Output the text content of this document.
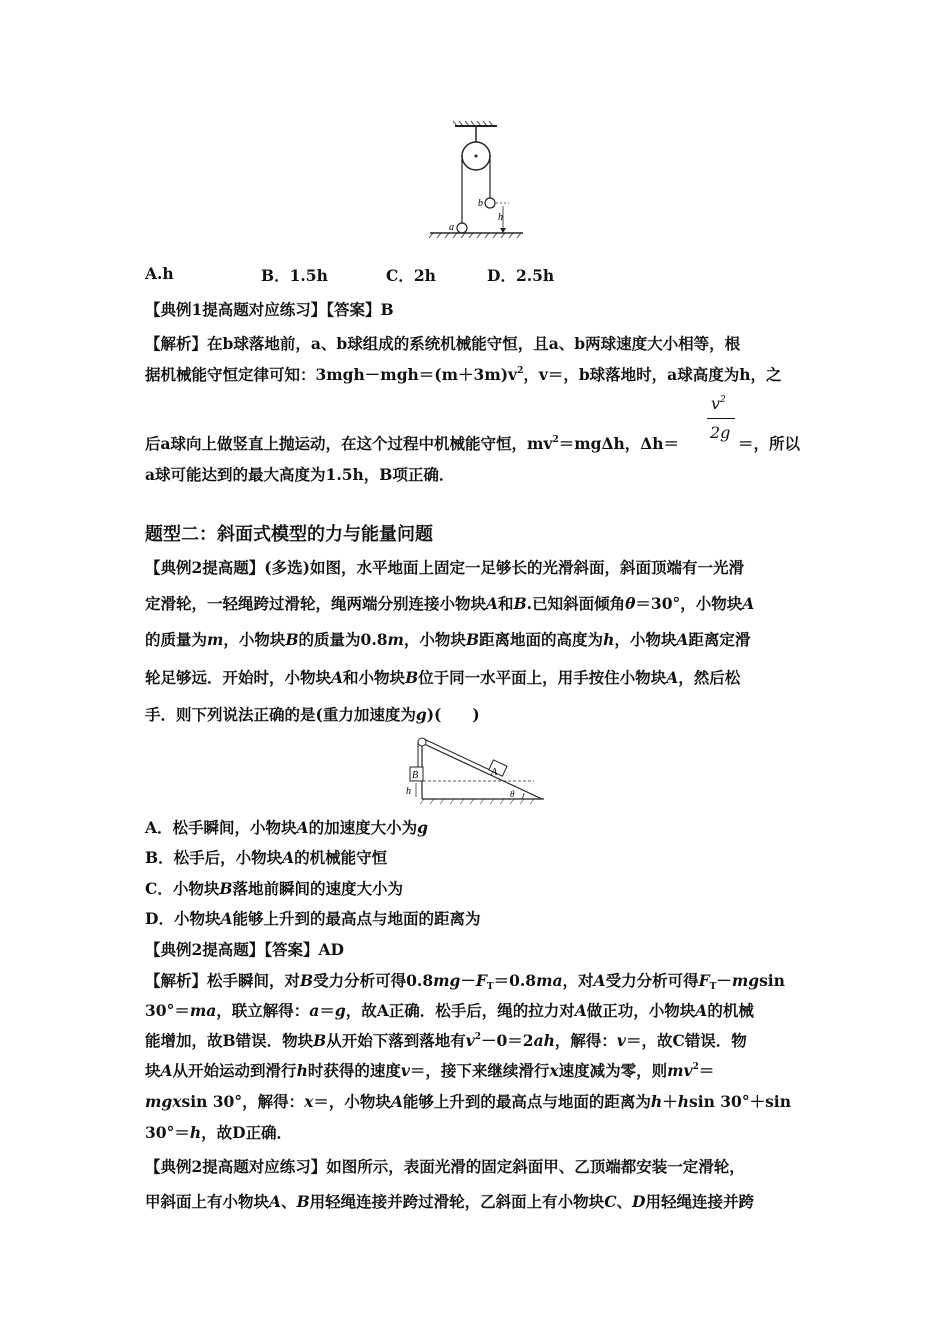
a
b
h
A.h	B．1.5h	C．2h	D．2.5h
【典例1提高题对应练习】【答案】B
【解析】在b球落地前，a、b球组成的系统机械能守恒，且a、b两球速度大小相等，根
据机械能守恒定律可知：$3mgh-mgh=(m+3m)v^2$，v＝，b球落地时，a球高度为h，之
$v^2$
2g
后a球向上做竖直上抛运动，在这个过程中机械能守恒，$mv^2=mg\Delta h$，Δh＝	＝，所以
a球可能达到的最大高度为1.5h，B项正确．
题型二：斜面式模型的力与能量问题
【典例2提高题】(多选)如图，水平地面上固定一足够长的光滑斜面，斜面顶端有一光滑
定滑轮，一轻绳跨过滑轮，绳两端分别连接小物块A和B.已知斜面倾角θ＝30°，小物块A
的质量为m，小物块B的质量为0.8m，小物块B距离地面的高度为h，小物块A距离定滑
轮足够远．开始时，小物块A和小物块B位于同一水平面上，用手按住小物块A，然后松
手．则下列说法正确的是(重力加速度为g)(　　)
B	A
h	θ
A．松手瞬间，小物块A的加速度大小为g
B．松手后，小物块A的机械能守恒
C．小物块B落地前瞬间的速度大小为
D．小物块A能够上升到的最高点与地面的距离为
【典例2提高题】【答案】AD
【解析】松手瞬间，对B受力分析可得$0.8mg-F_T=0.8ma$，对A受力分析可得$F_T-mgsin$
30°＝ma，联立解得：a＝g，故A正确．松手后，绳的拉力对A做正功，小物块A的机械
能增加，故B错误．物块B从开始下落到落地有$v^2-0=2ah$，解得：v＝，故C错误．物
块A从开始运动到滑行h时获得的速度v＝，接下来继续滑行x速度减为零，则$mv^2=$
mgxsin 30°，解得：x＝，小物块A能够上升到的最高点与地面的距离为h＋hsin 30°＋sin
30°＝h，故D正确．
【典例2提高题对应练习】如图所示，表面光滑的固定斜面甲、乙顶端都安装一定滑轮，
甲斜面上有小物块A、B用轻绳连接并跨过滑轮，乙斜面上有小物块C、D用轻绳连接并跨
